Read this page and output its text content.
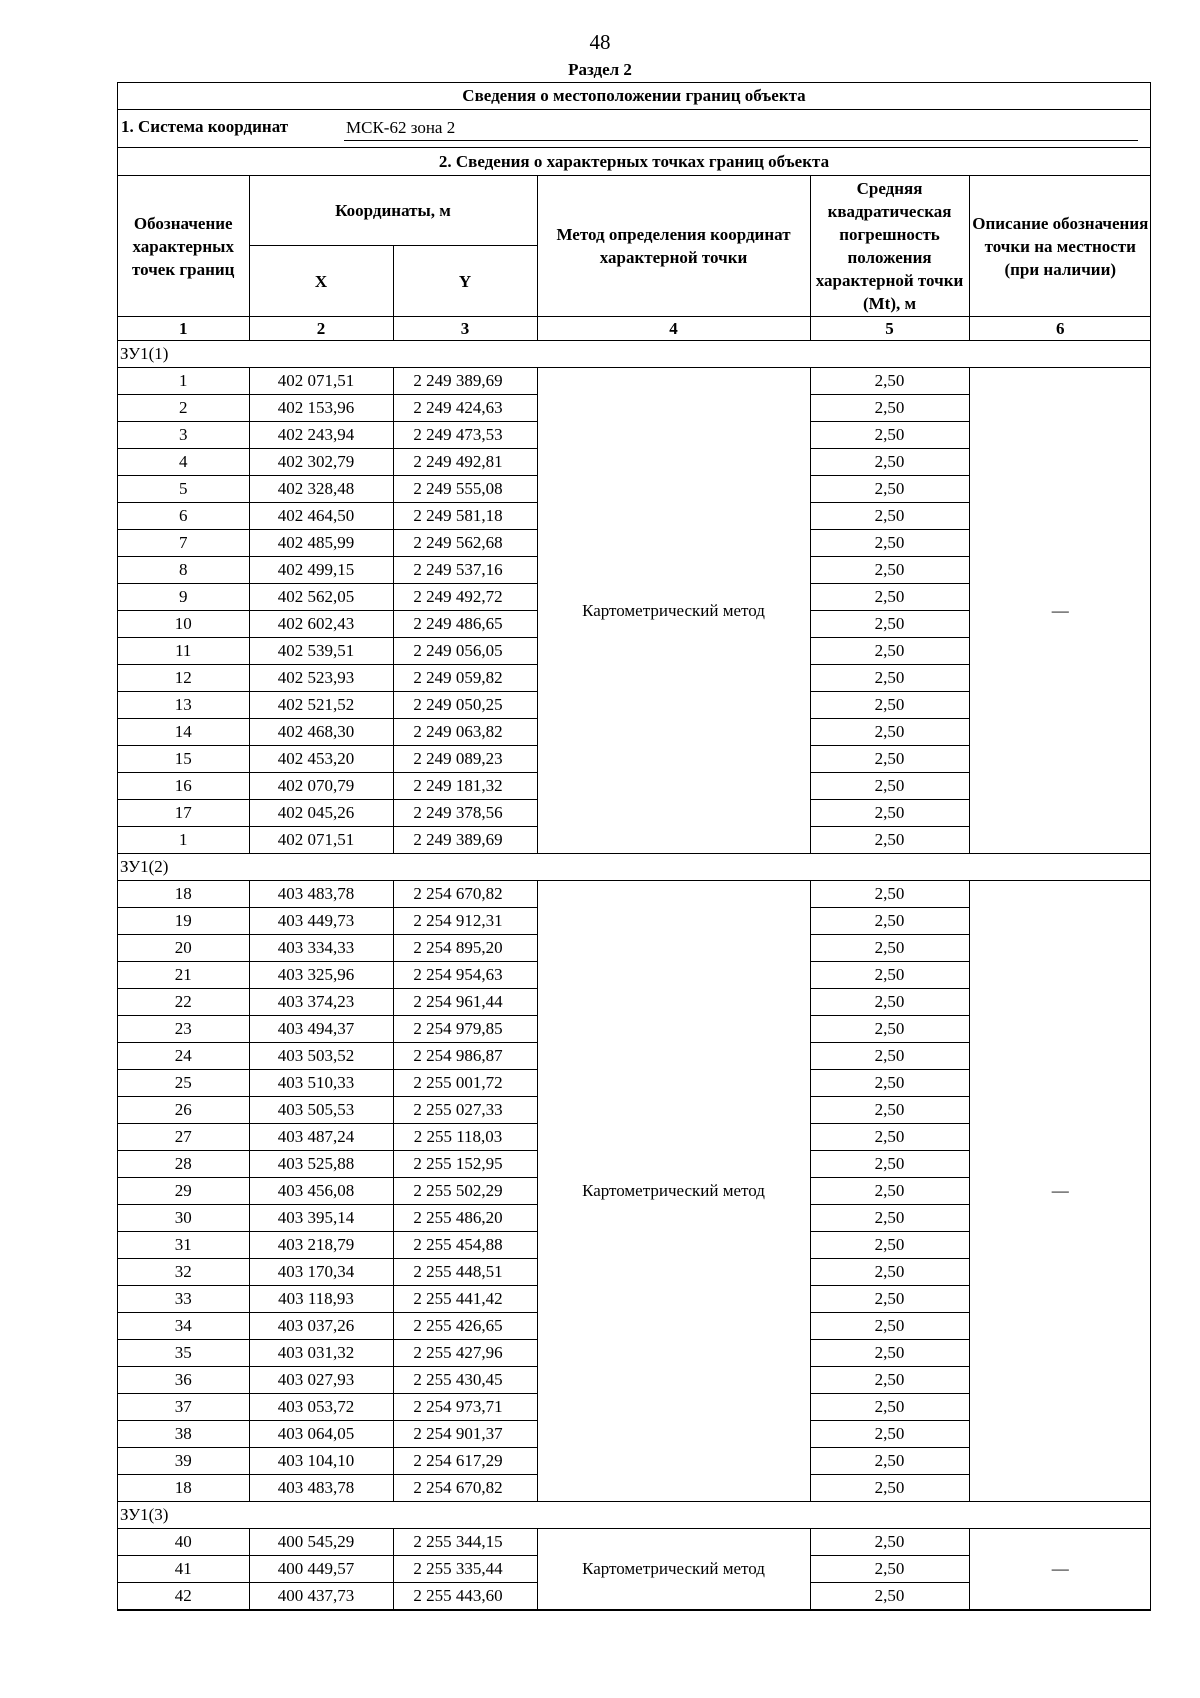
48
Раздел 2
Сведения о местоположении границ объекта
1. Система координат	МСК-62 зона 2
2. Сведения о характерных точках границ объекта
Обозначение характерных точек границ	Координаты, м		Метод определения координат характерной точки	Средняя квадратическая погрешность положения характерной точки (Mt), м	Описание обозначения точки на местности (при наличии)
	X	Y			
1	2	3	4	5	6
ЗУ1(1)					
1	402 071,51	2 249 389,69	Картометрический метод	2,50	—
2	402 153,96	2 249 424,63		2,50	
3	402 243,94	2 249 473,53		2,50	
4	402 302,79	2 249 492,81		2,50	
5	402 328,48	2 249 555,08		2,50	
6	402 464,50	2 249 581,18		2,50	
7	402 485,99	2 249 562,68		2,50	
8	402 499,15	2 249 537,16		2,50	
9	402 562,05	2 249 492,72		2,50	
10	402 602,43	2 249 486,65		2,50	
11	402 539,51	2 249 056,05		2,50	
12	402 523,93	2 249 059,82		2,50	
13	402 521,52	2 249 050,25		2,50	
14	402 468,30	2 249 063,82		2,50	
15	402 453,20	2 249 089,23		2,50	
16	402 070,79	2 249 181,32		2,50	
17	402 045,26	2 249 378,56		2,50	
1	402 071,51	2 249 389,69		2,50	
ЗУ1(2)					
18	403 483,78	2 254 670,82	Картометрический метод	2,50	—
19	403 449,73	2 254 912,31		2,50	
20	403 334,33	2 254 895,20		2,50	
21	403 325,96	2 254 954,63		2,50	
22	403 374,23	2 254 961,44		2,50	
23	403 494,37	2 254 979,85		2,50	
24	403 503,52	2 254 986,87		2,50	
25	403 510,33	2 255 001,72		2,50	
26	403 505,53	2 255 027,33		2,50	
27	403 487,24	2 255 118,03		2,50	
28	403 525,88	2 255 152,95		2,50	
29	403 456,08	2 255 502,29		2,50	
30	403 395,14	2 255 486,20		2,50	
31	403 218,79	2 255 454,88		2,50	
32	403 170,34	2 255 448,51		2,50	
33	403 118,93	2 255 441,42		2,50	
34	403 037,26	2 255 426,65		2,50	
35	403 031,32	2 255 427,96		2,50	
36	403 027,93	2 255 430,45		2,50	
37	403 053,72	2 254 973,71		2,50	
38	403 064,05	2 254 901,37		2,50	
39	403 104,10	2 254 617,29		2,50	
18	403 483,78	2 254 670,82		2,50	
ЗУ1(3)					
40	400 545,29	2 255 344,15	Картометрический метод	2,50	—
41	400 449,57	2 255 335,44		2,50	
42	400 437,73	2 255 443,60		2,50	
